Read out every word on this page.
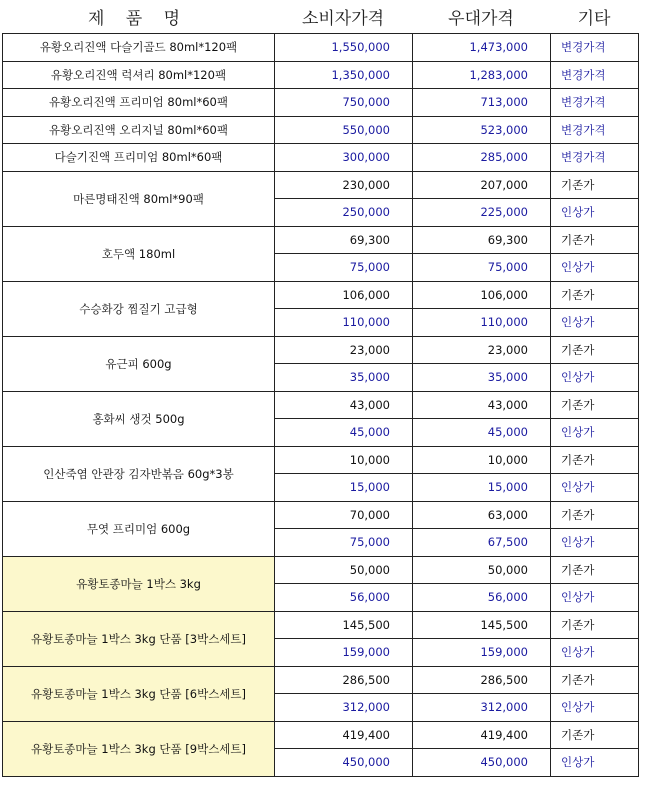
제 품 명	소비자가격	우대가격	기타
유황오리진액 다슬기골드 80ml*120팩	1,550,000	1,473,000	변경가격
유황오리진액 럭셔리 80ml*120팩	1,350,000	1,283,000	변경가격
유황오리진액 프리미엄 80ml*60팩	750,000	713,000	변경가격
유황오리진액 오리지널 80ml*60팩	550,000	523,000	변경가격
다슬기진액 프리미엄 80ml*60팩	300,000	285,000	변경가격
마른명태진액 80ml*90팩	230,000	207,000	기존가
	250,000	225,000	인상가
호두액 180ml	69,300	69,300	기존가
	75,000	75,000	인상가
수승화강 찜질기 고급형	106,000	106,000	기존가
	110,000	110,000	인상가
유근피 600g	23,000	23,000	기존가
	35,000	35,000	인상가
홍화씨 생것 500g	43,000	43,000	기존가
	45,000	45,000	인상가
인산죽염 안관장 김자반볶음 60g*3봉	10,000	10,000	기존가
	15,000	15,000	인상가
무엿 프리미엄 600g	70,000	63,000	기존가
	75,000	67,500	인상가
유황토종마늘 1박스 3kg	50,000	50,000	기존가
	56,000	56,000	인상가
유황토종마늘 1박스 3kg 단품 [3박스세트]	145,500	145,500	기존가
	159,000	159,000	인상가
유황토종마늘 1박스 3kg 단품 [6박스세트]	286,500	286,500	기존가
	312,000	312,000	인상가
유황토종마늘 1박스 3kg 단품 [9박스세트]	419,400	419,400	기존가
	450,000	450,000	인상가
